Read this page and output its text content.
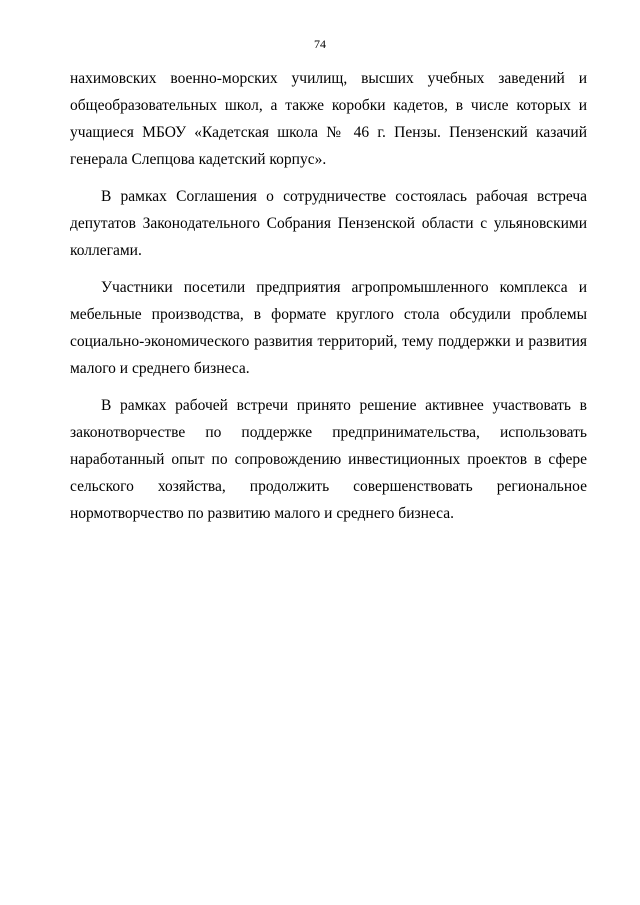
74

нахимовских военно-морских училищ, высших учебных заведений и общеобразовательных школ, а также коробки кадетов, в числе которых и учащиеся МБОУ «Кадетская школа № 46 г. Пензы. Пензенский казачий генерала Слепцова кадетский корпус».

В рамках Соглашения о сотрудничестве состоялась рабочая встреча депутатов Законодательного Собрания Пензенской области с ульяновскими коллегами.

Участники посетили предприятия агропромышленного комплекса и мебельные производства, в формате круглого стола обсудили проблемы социально-экономического развития территорий, тему поддержки и развития малого и среднего бизнеса.

В рамках рабочей встречи принято решение активнее участвовать в законотворчестве по поддержке предпринимательства, использовать наработанный опыт по сопровождению инвестиционных проектов в сфере сельского хозяйства, продолжить совершенствовать региональное нормотворчество по развитию малого и среднего бизнеса.
